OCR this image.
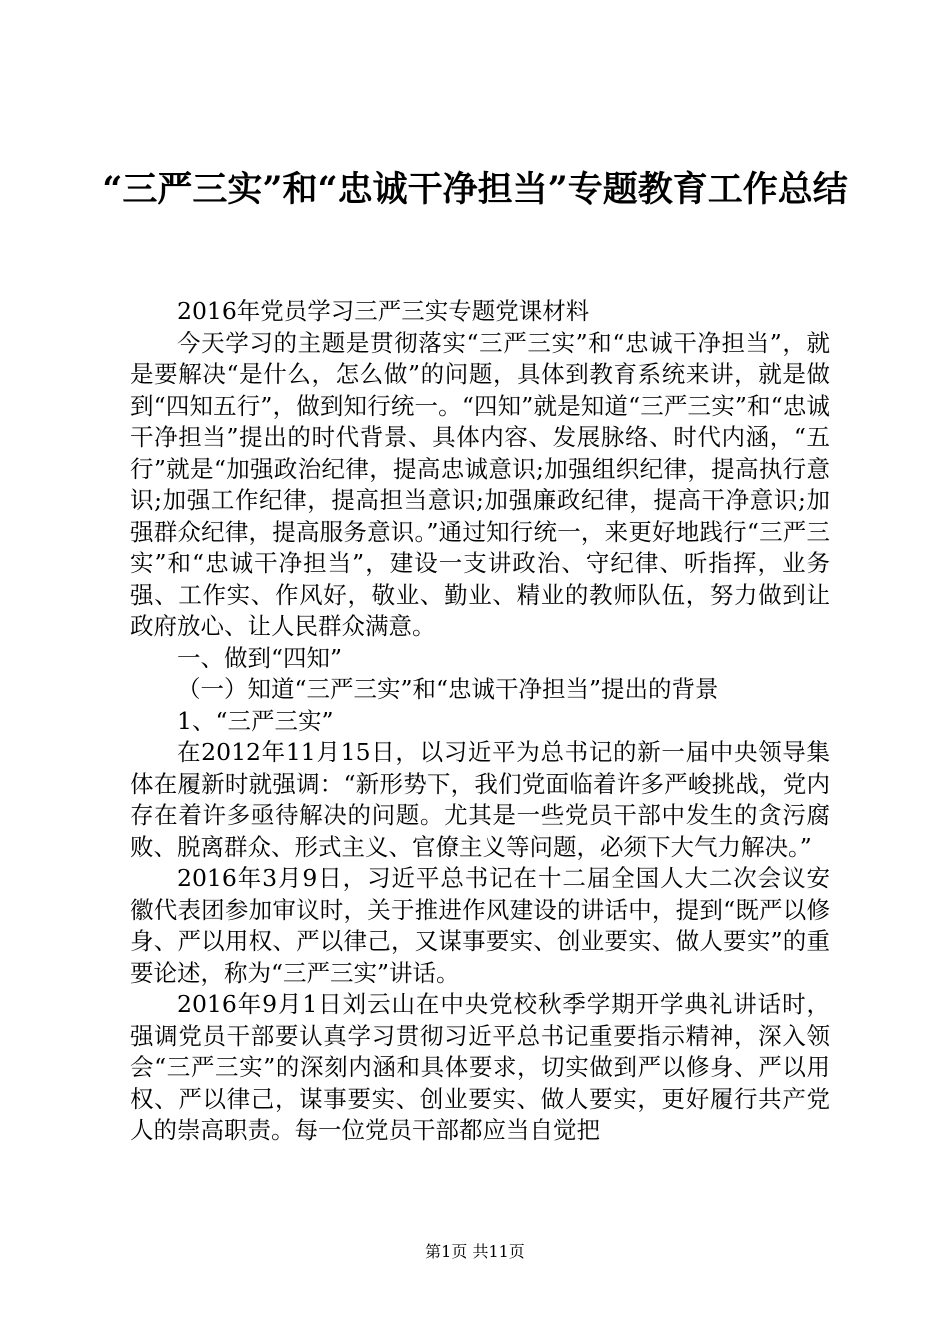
“三严三实”和“忠诚干净担当”专题教育工作总结

2016年党员学习三严三实专题党课材料

今天学习的主题是贯彻落实“三严三实”和“忠诚干净担当”，就是要解决“是什么，怎么做”的问题，具体到教育系统来讲，就是做到“四知五行”，做到知行统一。“四知”就是知道“三严三实”和“忠诚干净担当”提出的时代背景、具体内容、发展脉络、时代内涵，“五行”就是“加强政治纪律，提高忠诚意识;加强组织纪律，提高执行意识;加强工作纪律，提高担当意识;加强廉政纪律，提高干净意识;加强群众纪律，提高服务意识。”通过知行统一，来更好地践行“三严三实”和“忠诚干净担当”，建设一支讲政治、守纪律、听指挥，业务强、工作实、作风好，敬业、勤业、精业的教师队伍，努力做到让政府放心、让人民群众满意。

一、做到“四知”

（一）知道“三严三实”和“忠诚干净担当”提出的背景

1、“三严三实”

在2012年11月15日，以习近平为总书记的新一届中央领导集体在履新时就强调：“新形势下，我们党面临着许多严峻挑战，党内存在着许多亟待解决的问题。尤其是一些党员干部中发生的贪污腐败、脱离群众、形式主义、官僚主义等问题，必须下大气力解决。”

2016年3月9日，习近平总书记在十二届全国人大二次会议安徽代表团参加审议时，关于推进作风建设的讲话中，提到“既严以修身、严以用权、严以律己，又谋事要实、创业要实、做人要实”的重要论述，称为“三严三实”讲话。

2016年9月1日刘云山在中央党校秋季学期开学典礼讲话时，强调党员干部要认真学习贯彻习近平总书记重要指示精神，深入领会“三严三实”的深刻内涵和具体要求，切实做到严以修身、严以用权、严以律己，谋事要实、创业要实、做人要实，更好履行共产党人的崇高职责。每一位党员干部都应当自觉把

第1页 共11页
